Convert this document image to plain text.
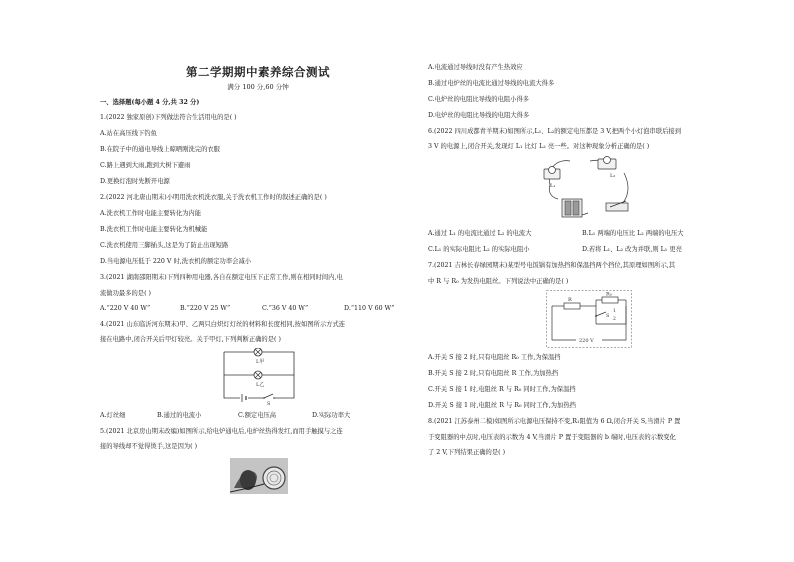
第二学期期中素养综合测试
满分 100 分,60 分钟
一、选择题(每小题 4 分,共 32 分)
1.(2022 独家原创)下列做法符合生活用电的是( )
A.站在高压线下钓鱼
B.在院子中的通电导线上晾晒刚洗完的衣服
C.路上遇到大雨,跑到大树下避雨
D.更换灯泡时先断开电源
2.(2022 河北唐山期末)小明用洗衣机洗衣服,关于洗衣机工作时的叙述正确的是( )
A.洗衣机工作时电能主要转化为内能
B.洗衣机工作时电能主要转化为机械能
C.洗衣机使用三脚插头,这是为了防止出现短路
D.当电源电压低于 220 V 时,洗衣机的额定功率会减小
3.(2021 湖南邵阳期末)下列四种用电器,各自在额定电压下正常工作,则在相同时间内,电
流做功最多的是( )
A.“220 V 40 W”	B.“220 V 25 W”	C.“36 V 40 W”	D.“110 V 60 W”
4.(2021 山东临沂河东期末)甲、乙两只白炽灯灯丝的材料和长度相同,按如图所示方式连
接在电路中,闭合开关后甲灯较亮。关于甲灯,下列判断正确的是( )
L甲
L乙
S
A.灯丝细	B.通过的电流小	C.额定电压高	D.实际功率大
5.(2021 北京房山期末改编)如图所示,给电炉通电后,电炉丝热得发红,而用手触摸与之连
接的导线却不觉得烫手,这是因为( )
A.电流通过导线时没有产生热效应
B.通过电炉丝的电流比通过导线的电流大得多
C.电炉丝的电阻比导线的电阻小得多
D.电炉丝的电阻比导线的电阻大得多
6.(2022 四川成都青羊期末)如图所示,L₁、L₂的额定电压都是 3 V,把两个小灯泡串联后接到
3 V 的电源上,闭合开关,发现灯 L₁ 比灯 L₂ 亮一些。对这种现象分析正确的是( )
L₁
L₂
A.通过 L₁ 的电流比通过 L₂ 的电流大	B.L₁ 两端的电压比 L₂ 两端的电压大
C.L₁ 的实际电阻比 L₂ 的实际电阻小	D.若将 L₁、L₂ 改为并联,则 L₁ 更亮
7.(2021 吉林长春绿园期末)某型号电饭锅有加热挡和保温挡两个挡位,其原理如图所示,其
中 R 与 R₀ 为发热电阻丝。下列说法中正确的是( )
R
R₀
S
1
2
220 V
A.开关 S 接 2 时,只有电阻丝 R₀ 工作,为保温挡
B.开关 S 接 2 时,只有电阻丝 R 工作,为加热挡
C.开关 S 接 1 时,电阻丝 R 与 R₀ 同时工作,为保温挡
D.开关 S 接 1 时,电阻丝 R 与 R₀ 同时工作,为加热挡
8.(2021 江苏泰州二模)如图所示电源电压保持不变,R₁阻值为 6 Ω,闭合开关 S,当滑片 P 置
于变阻器的中点时,电压表的示数为 4 V,当滑片 P 置于变阻器的 b 端时,电压表的示数变化
了 2 V,下列结果正确的是( )
